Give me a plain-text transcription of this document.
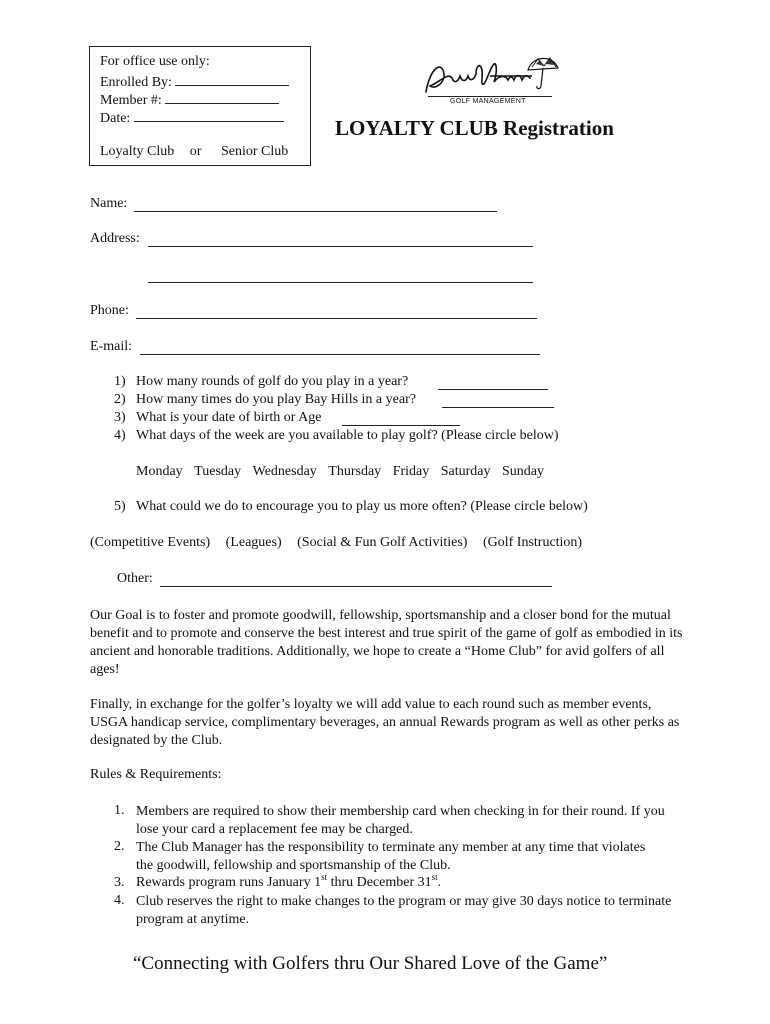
For office use only:
Enrolled By:
Member #:
Date:
Loyalty Club or Senior Club
GOLF MANAGEMENT
LOYALTY CLUB Registration
Name:
Address:
Phone:
E-mail:
1) How many rounds of golf do you play in a year?
2) How many times do you play Bay Hills in a year?
3) What is your date of birth or Age
4) What days of the week are you available to play golf? (Please circle below)
Monday Tuesday Wednesday Thursday Friday Saturday Sunday
5) What could we do to encourage you to play us more often? (Please circle below)
(Competitive Events) (Leagues) (Social & Fun Golf Activities) (Golf Instruction)
Other:
Our Goal is to foster and promote goodwill, fellowship, sportsmanship and a closer bond for the mutual benefit and to promote and conserve the best interest and true spirit of the game of golf as embodied in its ancient and honorable traditions. Additionally, we hope to create a “Home Club” for avid golfers of all ages!
Finally, in exchange for the golfer’s loyalty we will add value to each round such as member events, USGA handicap service, complimentary beverages, an annual Rewards program as well as other perks as designated by the Club.
Rules & Requirements:
1. Members are required to show their membership card when checking in for their round. If you lose your card a replacement fee may be charged.
2. The Club Manager has the responsibility to terminate any member at any time that violates the goodwill, fellowship and sportsmanship of the Club.
3. Rewards program runs January 1st thru December 31st.
4. Club reserves the right to make changes to the program or may give 30 days notice to terminate program at anytime.
“Connecting with Golfers thru Our Shared Love of the Game”
